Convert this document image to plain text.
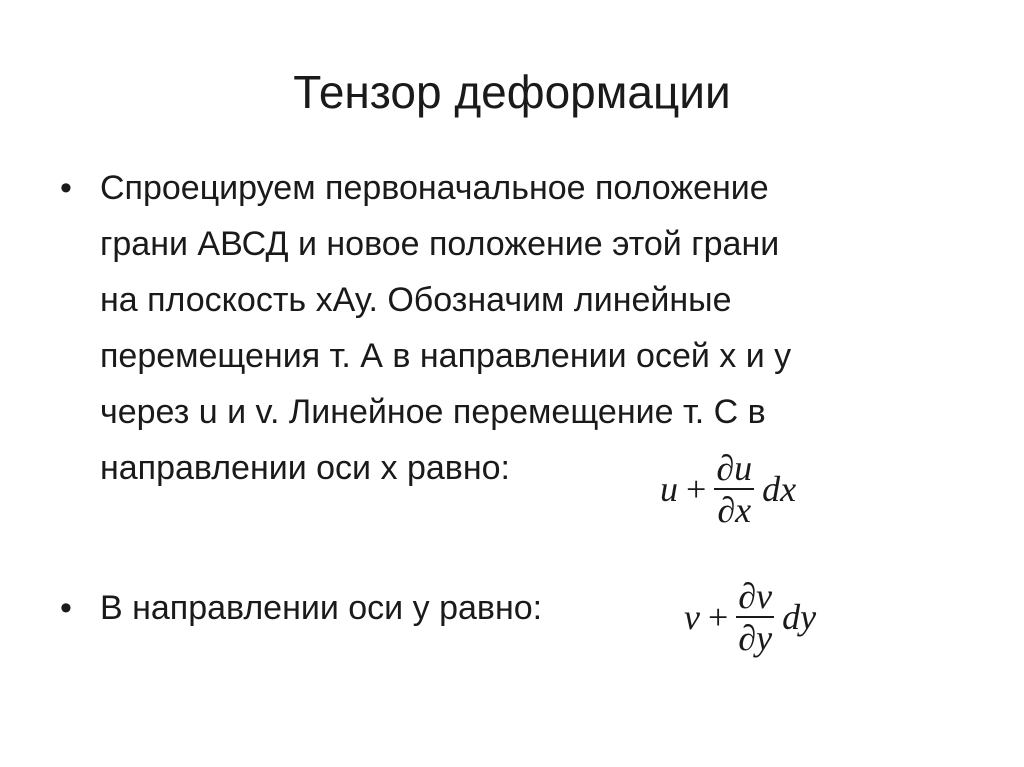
Тензор деформации
• Спроецируем первоначальное положение
грани АВСД и новое положение этой грани
на плоскость хАу. Обозначим линейные
перемещения т. А в направлении осей х и у
через u и v. Линейное перемещение т. С в
направлении оси х равно:
$u + \frac{\partial u}{\partial x}$ dx
• В направлении оси у равно:	$v + \frac{\partial v}{\partial y}$ dy
